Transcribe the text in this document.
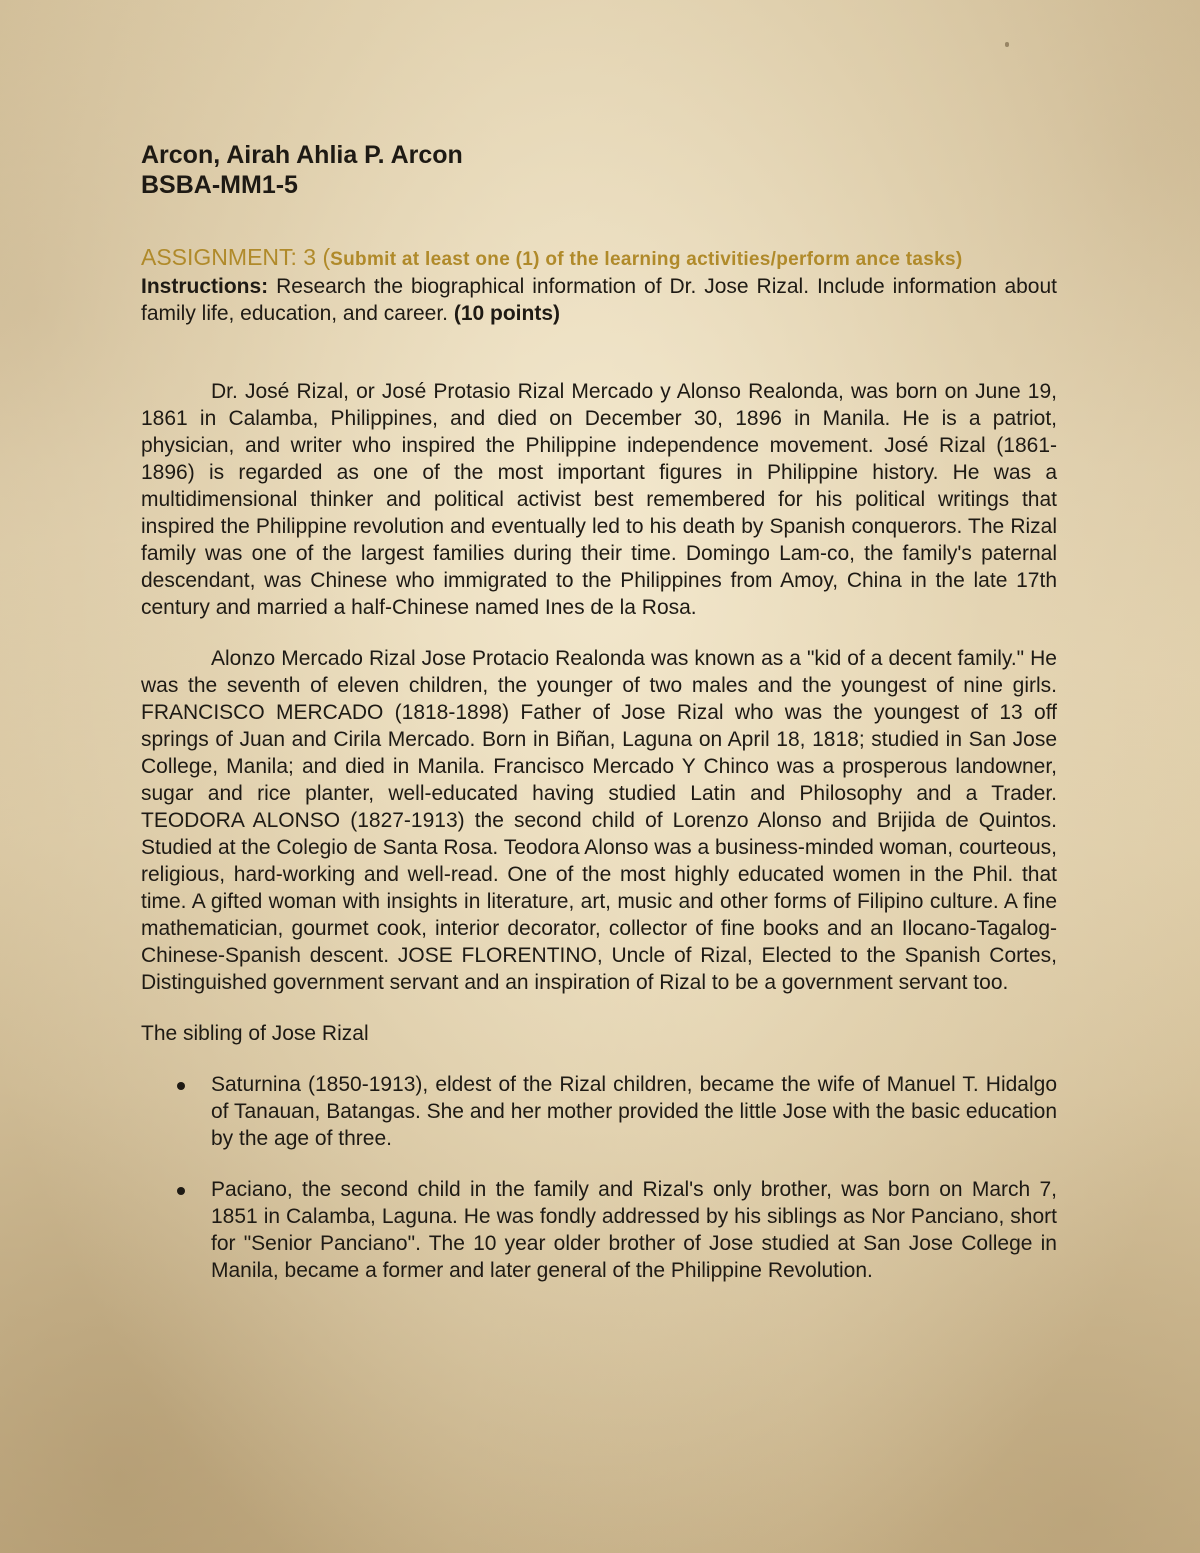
Arcon, Airah Ahlia P. Arcon

BSBA-MM1-5

ASSIGNMENT: 3 (Submit at least one (1) of the learning activities/perform ance tasks)
Instructions: Research the biographical information of Dr. Jose Rizal. Include information about family life, education, and career. (10 points)

Dr. José Rizal, or José Protasio Rizal Mercado y Alonso Realonda, was born on June 19, 1861 in Calamba, Philippines, and died on December 30, 1896 in Manila. He is a patriot, physician, and writer who inspired the Philippine independence movement. José Rizal (1861-1896) is regarded as one of the most important figures in Philippine history. He was a multidimensional thinker and political activist best remembered for his political writings that inspired the Philippine revolution and eventually led to his death by Spanish conquerors. The Rizal family was one of the largest families during their time. Domingo Lam-co, the family's paternal descendant, was Chinese who immigrated to the Philippines from Amoy, China in the late 17th century and married a half-Chinese named Ines de la Rosa.

Alonzo Mercado Rizal Jose Protacio Realonda was known as a "kid of a decent family." He was the seventh of eleven children, the younger of two males and the youngest of nine girls. FRANCISCO MERCADO (1818-1898) Father of Jose Rizal who was the youngest of 13 off springs of Juan and Cirila Mercado. Born in Biñan, Laguna on April 18, 1818; studied in San Jose College, Manila; and died in Manila. Francisco Mercado Y Chinco was a prosperous landowner, sugar and rice planter, well-educated having studied Latin and Philosophy and a Trader. TEODORA ALONSO (1827-1913) the second child of Lorenzo Alonso and Brijida de Quintos. Studied at the Colegio de Santa Rosa. Teodora Alonso was a business-minded woman, courteous, religious, hard-working and well-read. One of the most highly educated women in the Phil. that time. A gifted woman with insights in literature, art, music and other forms of Filipino culture. A fine mathematician, gourmet cook, interior decorator, collector of fine books and an Ilocano-Tagalog- Chinese-Spanish descent. JOSE FLORENTINO, Uncle of Rizal, Elected to the Spanish Cortes, Distinguished government servant and an inspiration of Rizal to be a government servant too.

The sibling of Jose Rizal

Saturnina (1850-1913), eldest of the Rizal children, became the wife of Manuel T. Hidalgo of Tanauan, Batangas. She and her mother provided the little Jose with the basic education by the age of three.
Paciano, the second child in the family and Rizal's only brother, was born on March 7, 1851 in Calamba, Laguna. He was fondly addressed by his siblings as Nor Panciano, short for "Senior Panciano". The 10 year older brother of Jose studied at San Jose College in Manila, became a former and later general of the Philippine Revolution.
